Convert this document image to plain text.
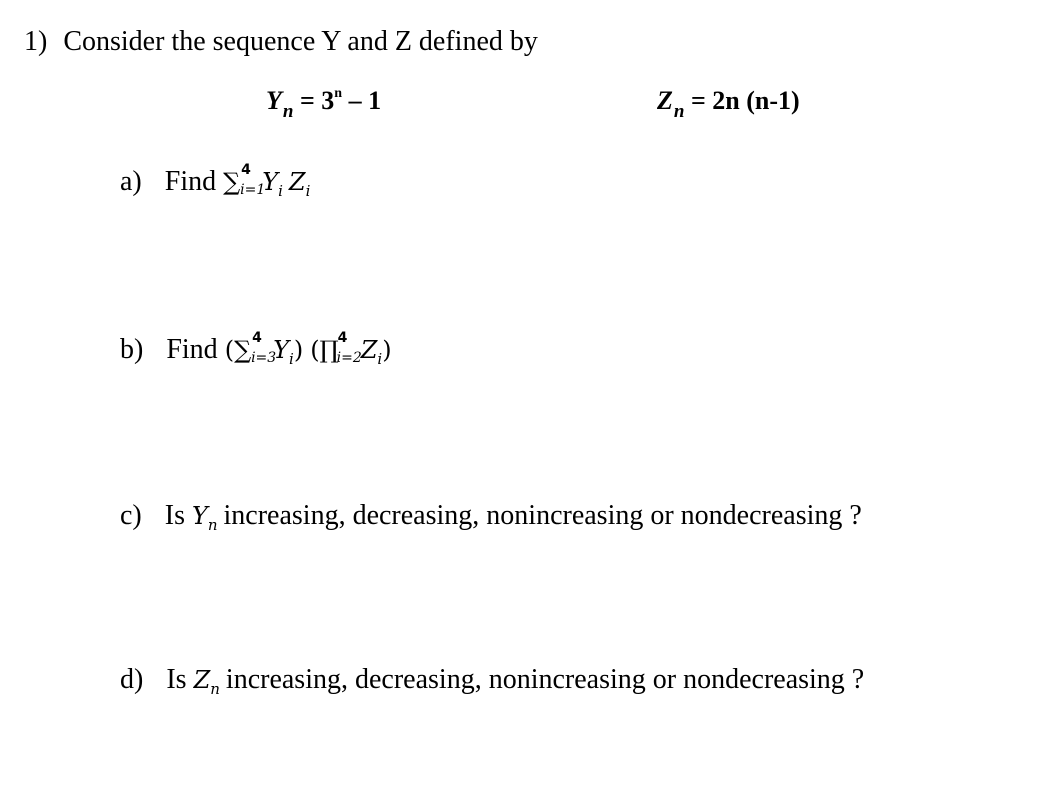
1) Consider the sequence Y and Z defined by
$Y_n = 3^n - 1$	$Z_n = 2n$ (n-1)
a) Find ∑ 4
i=1
$Y_i$ $Z_i$
b) Find (∑ 4
i=3
$Y_i$) (∏
4
i=2
$Z_i$)
c) Is $Y_n$ increasing, decreasing, nonincreasing or nondecreasing ?
d) Is $Z_n$ increasing, decreasing, nonincreasing or nondecreasing ?
